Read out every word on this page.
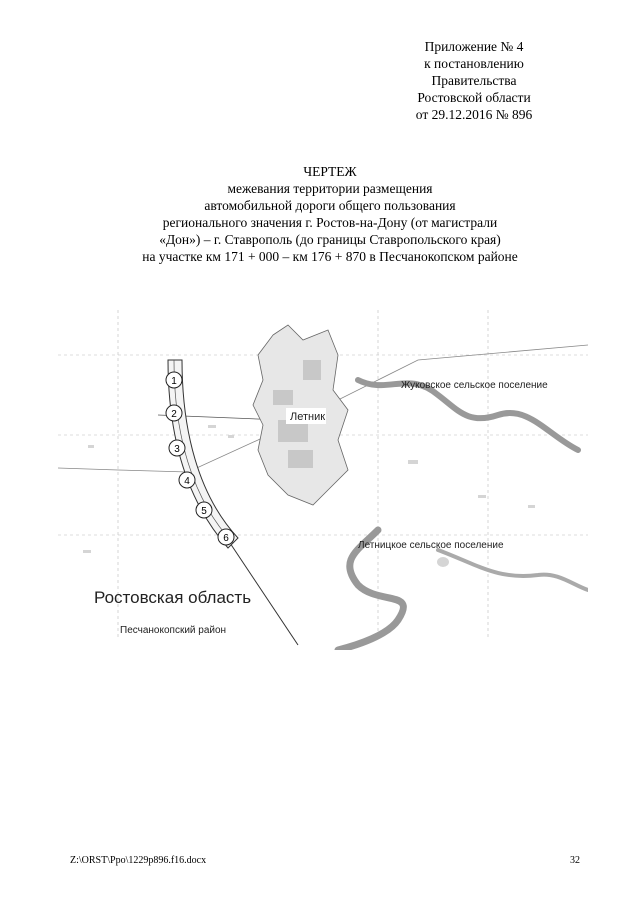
Приложение № 4
к постановлению
Правительства
Ростовской области
от 29.12.2016 № 896
ЧЕРТЕЖ
межевания территории размещения
автомобильной дороги общего пользования
регионального значения г. Ростов-на-Дону (от магистрали
«Дон») – г. Ставрополь (до границы Ставропольского края)
на участке км 171 + 000 – км 176 + 870 в Песчанокопском районе
1
2
3
4
5
6
Летник
Жуковское сельское поселение
Летницкое сельское поселение
Ростовская область
Песчанокопский район
Z:\ORST\Ppo\1229p896.f16.docx	32
